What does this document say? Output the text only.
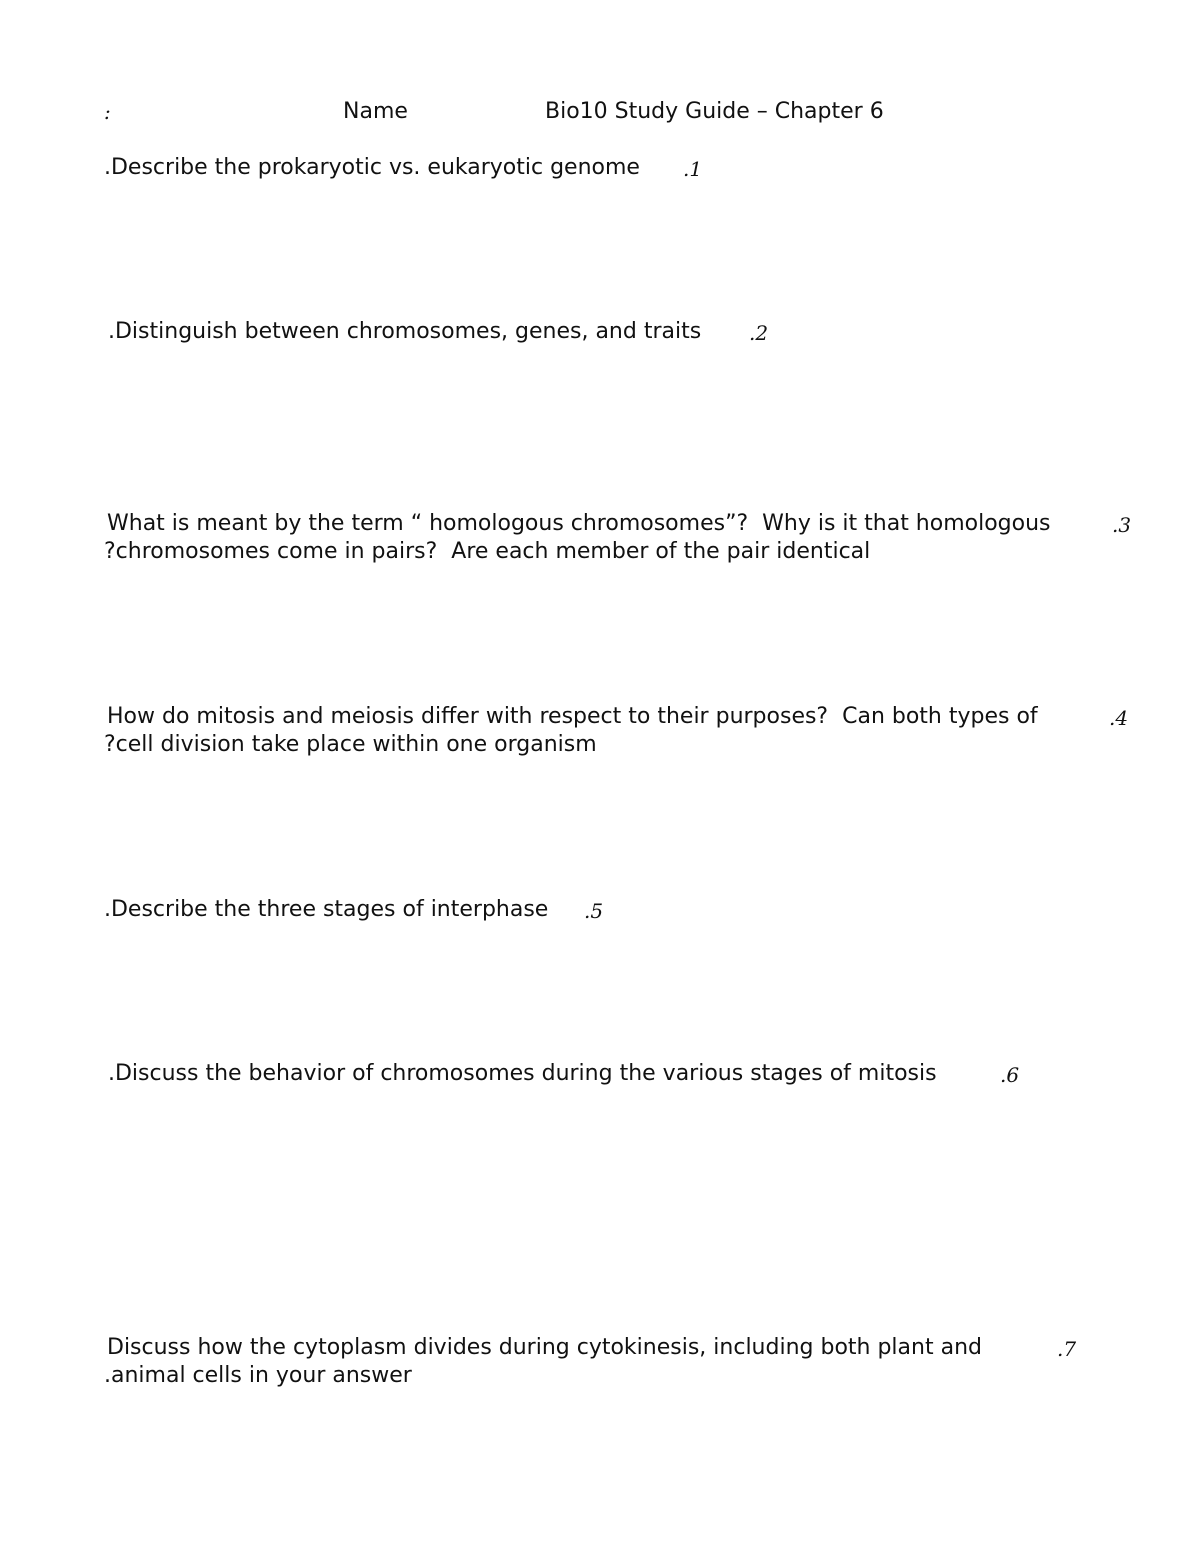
:	Name	Bio10 Study Guide – Chapter 6
.Describe the prokaryotic vs. eukaryotic genome .1
.Distinguish between chromosomes, genes, and traits .2
What is meant by the term “ homologous chromosomes”?  Why is it that homologous	.3
?chromosomes come in pairs?  Are each member of the pair identical
How do mitosis and meiosis differ with respect to their purposes?  Can both types of	.4
?cell division take place within one organism
.Describe the three stages of interphase .5
.Discuss the behavior of chromosomes during the various stages of mitosis	.6
Discuss how the cytoplasm divides during cytokinesis, including both plant and	.7
.animal cells in your answer
